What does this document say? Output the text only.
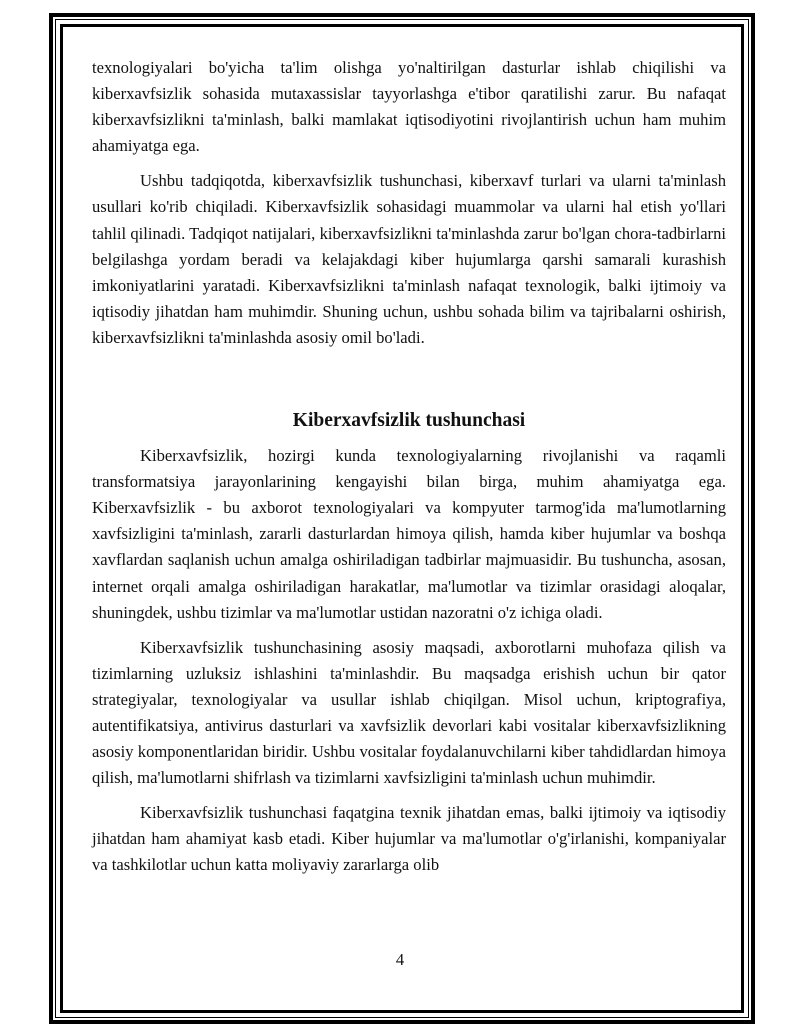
texnologiyalari bo'yicha ta'lim olishga yo'naltirilgan dasturlar ishlab chiqilishi va kiberxavfsizlik sohasida mutaxassislar tayyorlashga e'tibor qaratilishi zarur. Bu nafaqat kiberxavfsizlikni ta'minlash, balki mamlakat iqtisodiyotini rivojlantirish uchun ham muhim ahamiyatga ega.

Ushbu tadqiqotda, kiberxavfsizlik tushunchasi, kiberxavf turlari va ularni ta'minlash usullari ko'rib chiqiladi. Kiberxavfsizlik sohasidagi muammolar va ularni hal etish yo'llari tahlil qilinadi. Tadqiqot natijalari, kiberxavfsizlikni ta'minlashda zarur bo'lgan chora-tadbirlarni belgilashga yordam beradi va kelajakdagi kiber hujumlarga qarshi samarali kurashish imkoniyatlarini yaratadi. Kiberxavfsizlikni ta'minlash nafaqat texnologik, balki ijtimoiy va iqtisodiy jihatdan ham muhimdir. Shuning uchun, ushbu sohada bilim va tajribalarni oshirish, kiberxavfsizlikni ta'minlashda asosiy omil bo'ladi.

Kiberxavfsizlik tushunchasi

Kiberxavfsizlik, hozirgi kunda texnologiyalarning rivojlanishi va raqamli transformatsiya jarayonlarining kengayishi bilan birga, muhim ahamiyatga ega. Kiberxavfsizlik - bu axborot texnologiyalari va kompyuter tarmog'ida ma'lumotlarning xavfsizligini ta'minlash, zararli dasturlardan himoya qilish, hamda kiber hujumlar va boshqa xavflardan saqlanish uchun amalga oshiriladigan tadbirlar majmuasidir. Bu tushuncha, asosan, internet orqali amalga oshiriladigan harakatlar, ma'lumotlar va tizimlar orasidagi aloqalar, shuningdek, ushbu tizimlar va ma'lumotlar ustidan nazoratni o'z ichiga oladi.

Kiberxavfsizlik tushunchasining asosiy maqsadi, axborotlarni muhofaza qilish va tizimlarning uzluksiz ishlashini ta'minlashdir. Bu maqsadga erishish uchun bir qator strategiyalar, texnologiyalar va usullar ishlab chiqilgan. Misol uchun, kriptografiya, autentifikatsiya, antivirus dasturlari va xavfsizlik devorlari kabi vositalar kiberxavfsizlikning asosiy komponentlaridan biridir. Ushbu vositalar foydalanuvchilarni kiber tahdidlardan himoya qilish, ma'lumotlarni shifrlash va tizimlarni xavfsizligini ta'minlash uchun muhimdir.

Kiberxavfsizlik tushunchasi faqatgina texnik jihatdan emas, balki ijtimoiy va iqtisodiy jihatdan ham ahamiyat kasb etadi. Kiber hujumlar va ma'lumotlar o'g'irlanishi, kompaniyalar va tashkilotlar uchun katta moliyaviy zararlarga olib

4
